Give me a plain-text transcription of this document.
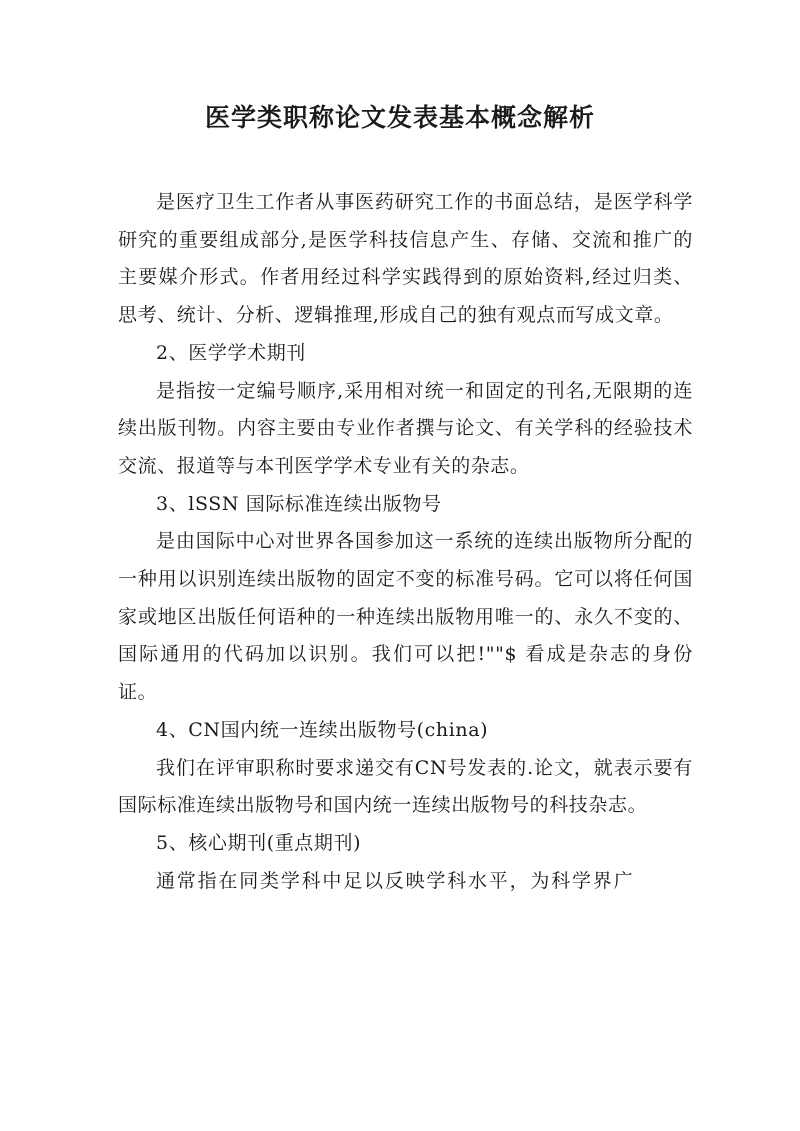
医学类职称论文发表基本概念解析

是医疗卫生工作者从事医药研究工作的书面总结，是医学科学研究的重要组成部分,是医学科技信息产生、存储、交流和推广的主要媒介形式。作者用经过科学实践得到的原始资料,经过归类、思考、统计、分析、逻辑推理,形成自己的独有观点而写成文章。

2、医学学术期刊

是指按一定编号顺序,采用相对统一和固定的刊名,无限期的连续出版刊物。内容主要由专业作者撰与论文、有关学科的经验技术交流、报道等与本刊医学学术专业有关的杂志。

3、lSSN 国际标准连续出版物号

是由国际中心对世界各国参加这一系统的连续出版物所分配的一种用以识别连续出版物的固定不变的标准号码。它可以将任何国家或地区出版任何语种的一种连续出版物用唯一的、永久不变的、国际通用的代码加以识别。我们可以把!""$ 看成是杂志的身份证。

4、CN国内统一连续出版物号(china)

我们在评审职称时要求递交有CN号发表的.论文，就表示要有国际标准连续出版物号和国内统一连续出版物号的科技杂志。

5、核心期刊(重点期刊)

通常指在同类学科中足以反映学科水平，为科学界广
